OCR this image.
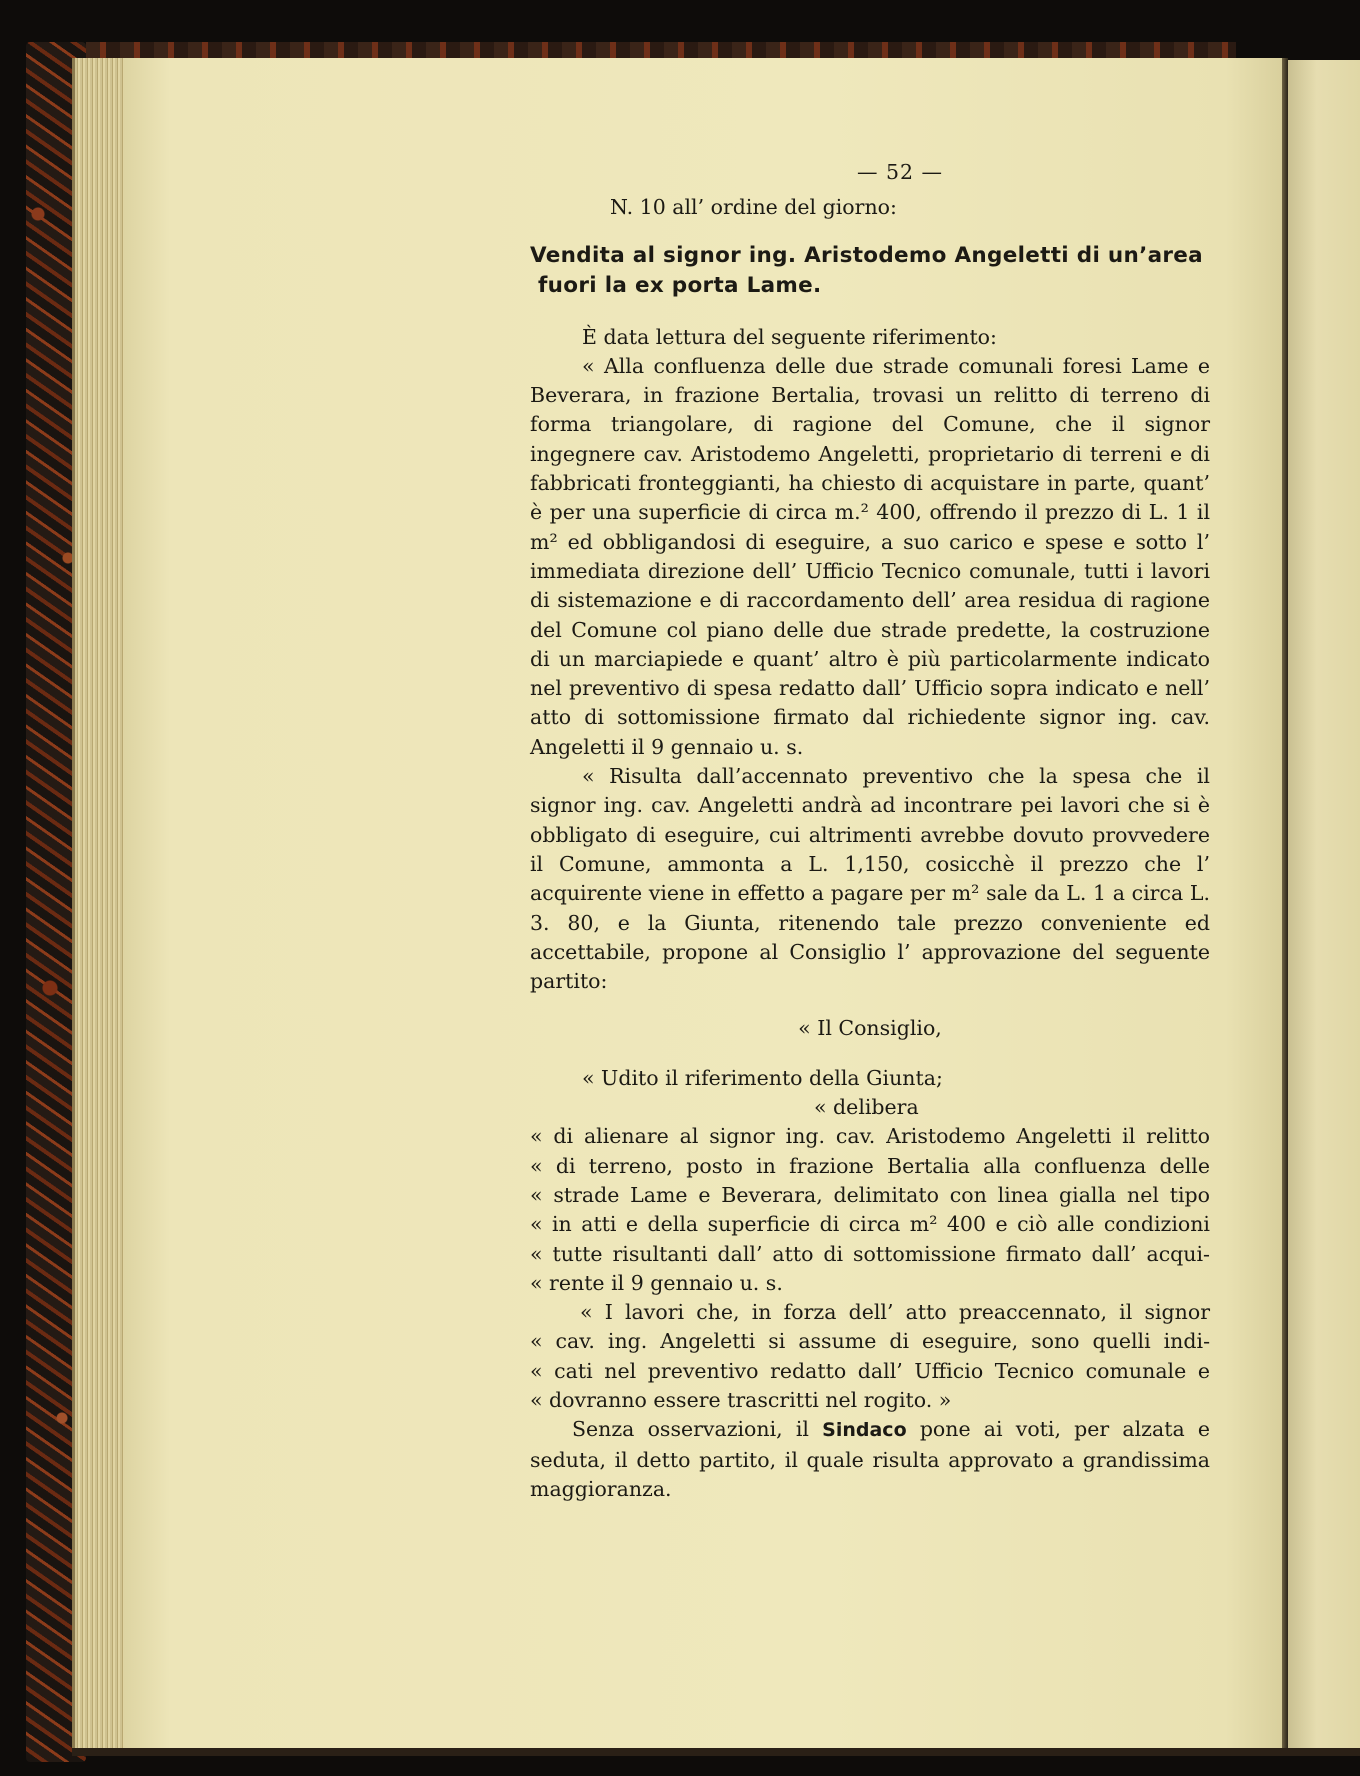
— 52 —
N. 10 all’ ordine del giorno:
Vendita al signor ing. Aristodemo Angeletti di un’area
fuori la ex porta Lame.
È data lettura del seguente riferimento:
« Alla confluenza delle due strade comunali foresi Lame e Beverara, in frazione Bertalia, trovasi un relitto di terreno di forma triangolare, di ragione del Comune, che il signor ingegnere cav. Aristodemo Angeletti, proprietario di terreni e di fabbricati fronteggianti, ha chiesto di acquistare in parte, quant’ è per una superficie di circa m.² 400, offrendo il prezzo di L. 1 il m² ed obbligandosi di eseguire, a suo carico e spese e sotto l’ immediata direzione dell’ Ufficio Tecnico comunale, tutti i lavori di sistemazione e di raccordamento dell’ area residua di ragione del Comune col piano delle due strade predette, la costruzione di un marciapiede e quant’ altro è più particolarmente indicato nel preventivo di spesa redatto dall’ Ufficio sopra indicato e nell’ atto di sottomissione firmato dal richiedente signor ing. cav. Angeletti il 9 gennaio u. s.
« Risulta dall’accennato preventivo che la spesa che il signor ing. cav. Angeletti andrà ad incontrare pei lavori che si è obbligato di eseguire, cui altrimenti avrebbe dovuto provvedere il Comune, ammonta a L. 1,150, cosicchè il prezzo che l’ acquirente viene in effetto a pagare per m² sale da L. 1 a circa L. 3. 80, e la Giunta, ritenendo tale prezzo conveniente ed accettabile, propone al Consiglio l’ approvazione del seguente partito:
« Il Consiglio,
« Udito il riferimento della Giunta;
« delibera
« di alienare al signor ing. cav. Aristodemo Angeletti il relitto
« di terreno, posto in frazione Bertalia alla confluenza delle
« strade Lame e Beverara, delimitato con linea gialla nel tipo
« in atti e della superficie di circa m² 400 e ciò alle condizioni
« tutte risultanti dall’ atto di sottomissione firmato dall’ acqui-
« rente il 9 gennaio u. s.
« I lavori che, in forza dell’ atto preaccennato, il signor
« cav. ing. Angeletti si assume di eseguire, sono quelli indi-
« cati nel preventivo redatto dall’ Ufficio Tecnico comunale e
« dovranno essere trascritti nel rogito. »
Senza osservazioni, il Sindaco pone ai voti, per alzata e seduta, il detto partito, il quale risulta approvato a grandissima maggioranza.
